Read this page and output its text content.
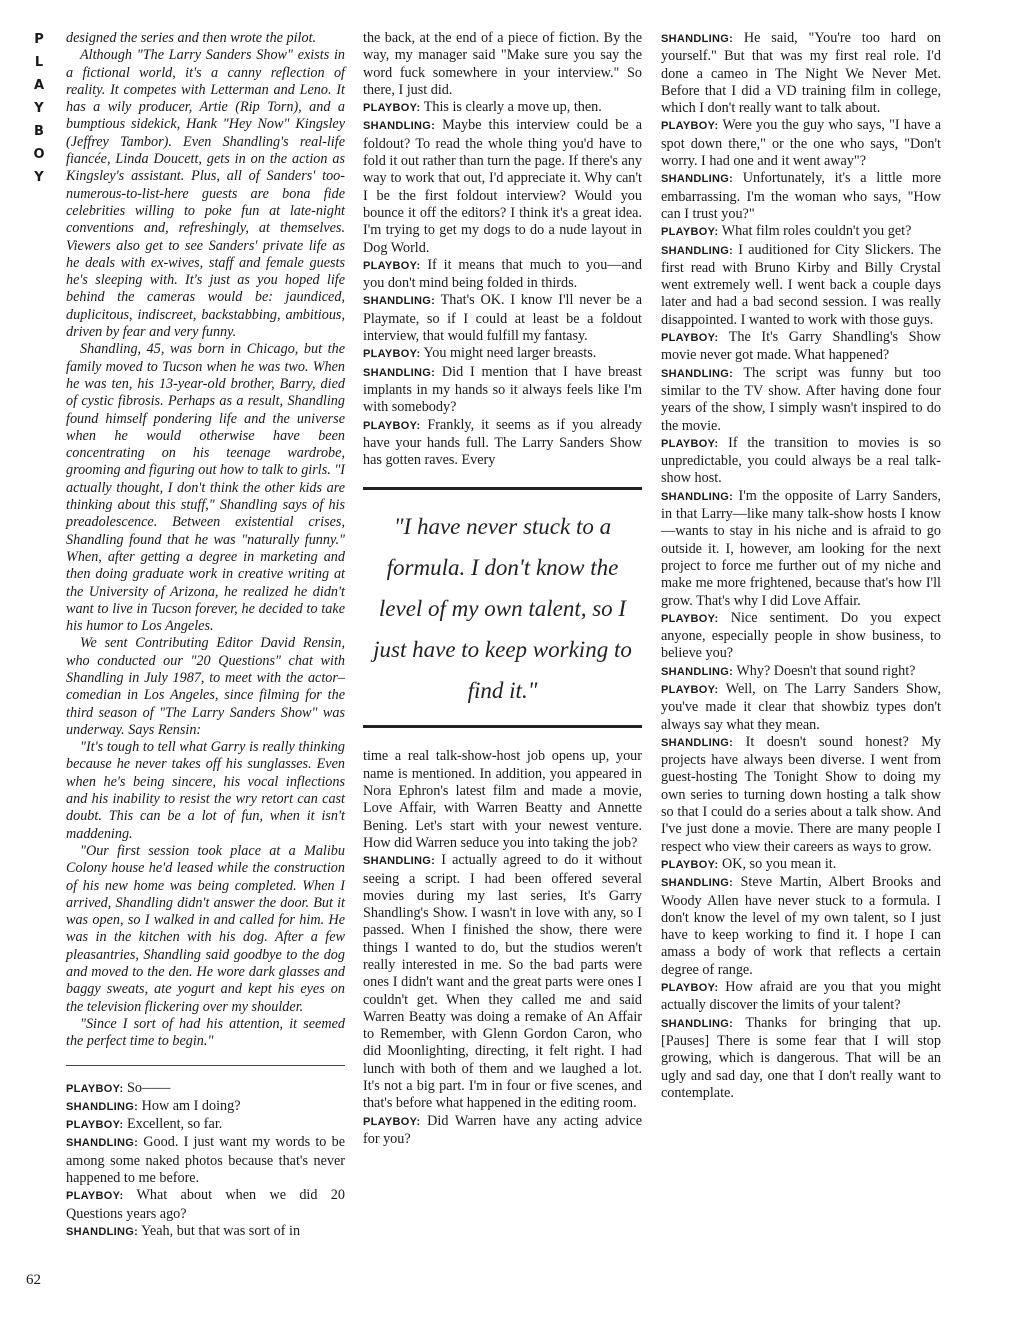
P
L
A
Y
B
O
Y

designed the series and then wrote the pilot.

Although "The Larry Sanders Show" exists in a fictional world, it's a canny reflection of reality. It competes with Letterman and Leno. It has a wily producer, Artie (Rip Torn), and a bumptious sidekick, Hank "Hey Now" Kingsley (Jeffrey Tambor). Even Shandling's real-life fiancée, Linda Doucett, gets in on the action as Kingsley's assistant. Plus, all of Sanders' too-numerous-to-list-here guests are bona fide celebrities willing to poke fun at late-night conventions and, refreshingly, at themselves. Viewers also get to see Sanders' private life as he deals with ex-wives, staff and female guests he's sleeping with. It's just as you hoped life behind the cameras would be: jaundiced, duplicitous, indiscreet, backstabbing, ambitious, driven by fear and very funny.

Shandling, 45, was born in Chicago, but the family moved to Tucson when he was two. When he was ten, his 13-year-old brother, Barry, died of cystic fibrosis. Perhaps as a result, Shandling found himself pondering life and the universe when he would otherwise have been concentrating on his teenage wardrobe, grooming and figuring out how to talk to girls. "I actually thought, I don't think the other kids are thinking about this stuff," Shandling says of his preadolescence. Between existential crises, Shandling found that he was "naturally funny." When, after getting a degree in marketing and then doing graduate work in creative writing at the University of Arizona, he realized he didn't want to live in Tucson forever, he decided to take his humor to Los Angeles.

We sent Contributing Editor David Rensin, who conducted our "20 Questions" chat with Shandling in July 1987, to meet with the actor–comedian in Los Angeles, since filming for the third season of "The Larry Sanders Show" was underway. Says Rensin:

"It's tough to tell what Garry is really thinking because he never takes off his sunglasses. Even when he's being sincere, his vocal inflections and his inability to resist the wry retort can cast doubt. This can be a lot of fun, when it isn't maddening.

"Our first session took place at a Malibu Colony house he'd leased while the construction of his new home was being completed. When I arrived, Shandling didn't answer the door. But it was open, so I walked in and called for him. He was in the kitchen with his dog. After a few pleasantries, Shandling said goodbye to the dog and moved to the den. He wore dark glasses and baggy sweats, ate yogurt and kept his eyes on the television flickering over my shoulder.

"Since I sort of had his attention, it seemed the perfect time to begin."

PLAYBOY: So——

SHANDLING: How am I doing?

PLAYBOY: Excellent, so far.

SHANDLING: Good. I just want my words to be among some naked photos because that's never happened to me before.

PLAYBOY: What about when we did 20 Questions years ago?

SHANDLING: Yeah, but that was sort of in

the back, at the end of a piece of fiction. By the way, my manager said "Make sure you say the word fuck somewhere in your interview." So there, I just did.

PLAYBOY: This is clearly a move up, then.

SHANDLING: Maybe this interview could be a foldout? To read the whole thing you'd have to fold it out rather than turn the page. If there's any way to work that out, I'd appreciate it. Why can't I be the first foldout interview? Would you bounce it off the editors? I think it's a great idea. I'm trying to get my dogs to do a nude layout in Dog World.

PLAYBOY: If it means that much to you—and you don't mind being folded in thirds.

SHANDLING: That's OK. I know I'll never be a Playmate, so if I could at least be a foldout interview, that would fulfill my fantasy.

PLAYBOY: You might need larger breasts.

SHANDLING: Did I mention that I have breast implants in my hands so it always feels like I'm with somebody?

PLAYBOY: Frankly, it seems as if you already have your hands full. The Larry Sanders Show has gotten raves. Every

"I have never stuck to a formula. I don't know the level of my own talent, so I just have to keep working to find it."

time a real talk-show-host job opens up, your name is mentioned. In addition, you appeared in Nora Ephron's latest film and made a movie, Love Affair, with Warren Beatty and Annette Bening. Let's start with your newest venture. How did Warren seduce you into taking the job?

SHANDLING: I actually agreed to do it without seeing a script. I had been offered several movies during my last series, It's Garry Shandling's Show. I wasn't in love with any, so I passed. When I finished the show, there were things I wanted to do, but the studios weren't really interested in me. So the bad parts were ones I didn't want and the great parts were ones I couldn't get. When they called me and said Warren Beatty was doing a remake of An Affair to Remember, with Glenn Gordon Caron, who did Moonlighting, directing, it felt right. I had lunch with both of them and we laughed a lot. It's not a big part. I'm in four or five scenes, and that's before what happened in the editing room.

PLAYBOY: Did Warren have any acting advice for you?

SHANDLING: He said, "You're too hard on yourself." But that was my first real role. I'd done a cameo in The Night We Never Met. Before that I did a VD training film in college, which I don't really want to talk about.

PLAYBOY: Were you the guy who says, "I have a spot down there," or the one who says, "Don't worry. I had one and it went away"?

SHANDLING: Unfortunately, it's a little more embarrassing. I'm the woman who says, "How can I trust you?"

PLAYBOY: What film roles couldn't you get?

SHANDLING: I auditioned for City Slickers. The first read with Bruno Kirby and Billy Crystal went extremely well. I went back a couple days later and had a bad second session. I was really disappointed. I wanted to work with those guys.

PLAYBOY: The It's Garry Shandling's Show movie never got made. What happened?

SHANDLING: The script was funny but too similar to the TV show. After having done four years of the show, I simply wasn't inspired to do the movie.

PLAYBOY: If the transition to movies is so unpredictable, you could always be a real talk-show host.

SHANDLING: I'm the opposite of Larry Sanders, in that Larry—like many talk-show hosts I know—wants to stay in his niche and is afraid to go outside it. I, however, am looking for the next project to force me further out of my niche and make me more frightened, because that's how I'll grow. That's why I did Love Affair.

PLAYBOY: Nice sentiment. Do you expect anyone, especially people in show business, to believe you?

SHANDLING: Why? Doesn't that sound right?

PLAYBOY: Well, on The Larry Sanders Show, you've made it clear that showbiz types don't always say what they mean.

SHANDLING: It doesn't sound honest? My projects have always been diverse. I went from guest-hosting The Tonight Show to doing my own series to turning down hosting a talk show so that I could do a series about a talk show. And I've just done a movie. There are many people I respect who view their careers as ways to grow.

PLAYBOY: OK, so you mean it.

SHANDLING: Steve Martin, Albert Brooks and Woody Allen have never stuck to a formula. I don't know the level of my own talent, so I just have to keep working to find it. I hope I can amass a body of work that reflects a certain degree of range.

PLAYBOY: How afraid are you that you might actually discover the limits of your talent?

SHANDLING: Thanks for bringing that up. [Pauses] There is some fear that I will stop growing, which is dangerous. That will be an ugly and sad day, one that I don't really want to contemplate.

62
